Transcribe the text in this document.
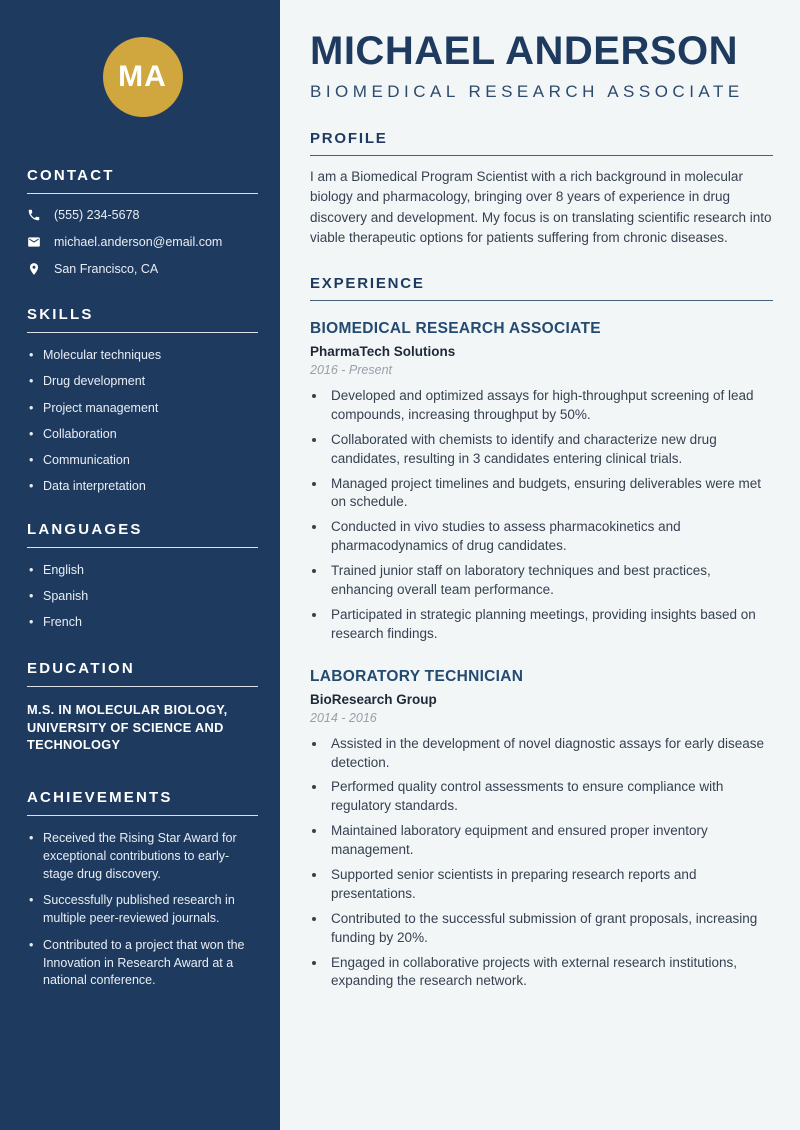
MA
CONTACT
(555) 234-5678
michael.anderson@email.com
San Francisco, CA
SKILLS
• Molecular techniques
• Drug development
• Project management
• Collaboration
• Communication
• Data interpretation
LANGUAGES
• English
• Spanish
• French
EDUCATION
M.S. IN MOLECULAR BIOLOGY, UNIVERSITY OF SCIENCE AND TECHNOLOGY
ACHIEVEMENTS
• Received the Rising Star Award for exceptional contributions to early-stage drug discovery.
• Successfully published research in multiple peer-reviewed journals.
• Contributed to a project that won the Innovation in Research Award at a national conference.
MICHAEL ANDERSON
BIOMEDICAL RESEARCH ASSOCIATE
PROFILE

I am a Biomedical Program Scientist with a rich background in molecular biology and pharmacology, bringing over 8 years of experience in drug discovery and development. My focus is on translating scientific research into viable therapeutic options for patients suffering from chronic diseases.

EXPERIENCE
BIOMEDICAL RESEARCH ASSOCIATE
PharmaTech Solutions
2016 - Present
• Developed and optimized assays for high-throughput screening of lead compounds, increasing throughput by 50%.
• Collaborated with chemists to identify and characterize new drug candidates, resulting in 3 candidates entering clinical trials.
• Managed project timelines and budgets, ensuring deliverables were met on schedule.
• Conducted in vivo studies to assess pharmacokinetics and pharmacodynamics of drug candidates.
• Trained junior staff on laboratory techniques and best practices, enhancing overall team performance.
• Participated in strategic planning meetings, providing insights based on research findings.
LABORATORY TECHNICIAN
BioResearch Group
2014 - 2016
• Assisted in the development of novel diagnostic assays for early disease detection.
• Performed quality control assessments to ensure compliance with regulatory standards.
• Maintained laboratory equipment and ensured proper inventory management.
• Supported senior scientists in preparing research reports and presentations.
• Contributed to the successful submission of grant proposals, increasing funding by 20%.
• Engaged in collaborative projects with external research institutions, expanding the research network.
